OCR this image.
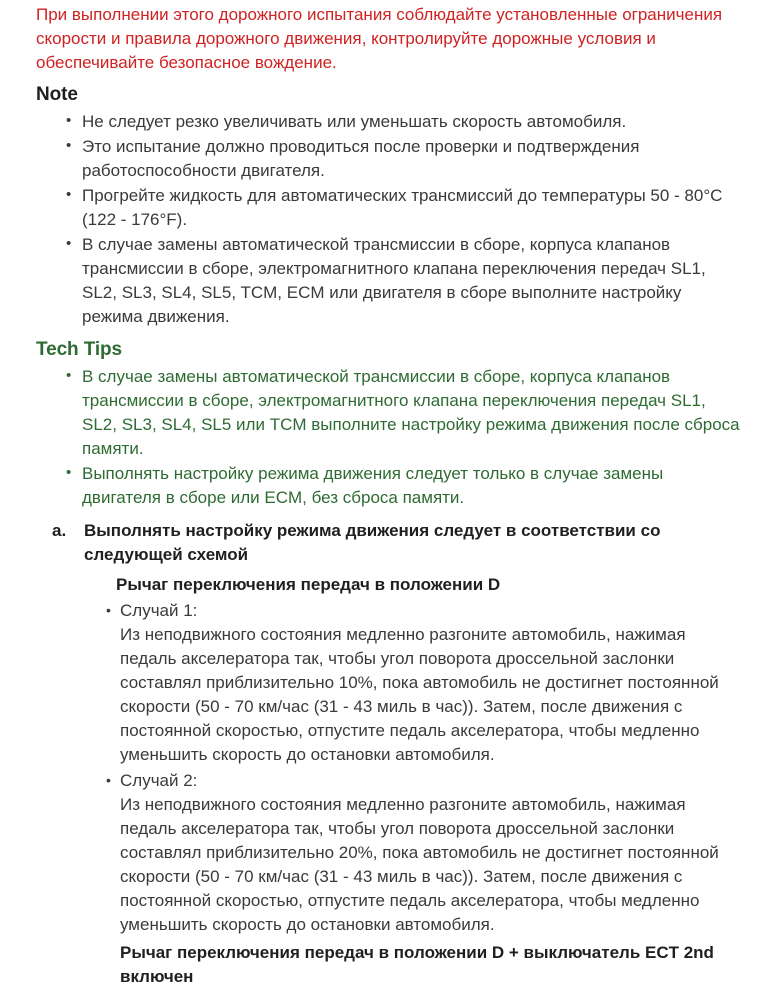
При выполнении этого дорожного испытания соблюдайте установленные ограничения скорости и правила дорожного движения, контролируйте дорожные условия и обеспечивайте безопасное вождение.

Note
• Не следует резко увеличивать или уменьшать скорость автомобиля.
• Это испытание должно проводиться после проверки и подтверждения работоспособности двигателя.
• Прогрейте жидкость для автоматических трансмиссий до температуры 50 - 80°C (122 - 176°F).
• В случае замены автоматической трансмиссии в сборе, корпуса клапанов трансмиссии в сборе, электромагнитного клапана переключения передач SL1, SL2, SL3, SL4, SL5, TCM, ECM или двигателя в сборе выполните настройку режима движения.
Tech Tips
• В случае замены автоматической трансмиссии в сборе, корпуса клапанов трансмиссии в сборе, электромагнитного клапана переключения передач SL1, SL2, SL3, SL4, SL5 или TCM выполните настройку режима движения после сброса памяти.
• Выполнять настройку режима движения следует только в случае замены двигателя в сборе или ECM, без сброса памяти.
a. Выполнять настройку режима движения следует в соответствии со следующей схемой
Рычаг переключения передач в положении D
• Случай 1:

Из неподвижного состояния медленно разгоните автомобиль, нажимая педаль акселератора так, чтобы угол поворота дроссельной заслонки составлял приблизительно 10%, пока автомобиль не достигнет постоянной скорости (50 - 70 км/час (31 - 43 миль в час)). Затем, после движения с постоянной скоростью, отпустите педаль акселератора, чтобы медленно уменьшить скорость до остановки автомобиля.

• Случай 2:

Из неподвижного состояния медленно разгоните автомобиль, нажимая педаль акселератора так, чтобы угол поворота дроссельной заслонки составлял приблизительно 20%, пока автомобиль не достигнет постоянной скорости (50 - 70 км/час (31 - 43 миль в час)). Затем, после движения с постоянной скоростью, отпустите педаль акселератора, чтобы медленно уменьшить скорость до остановки автомобиля.

Рычаг переключения передач в положении D + выключатель ECT 2nd включен
